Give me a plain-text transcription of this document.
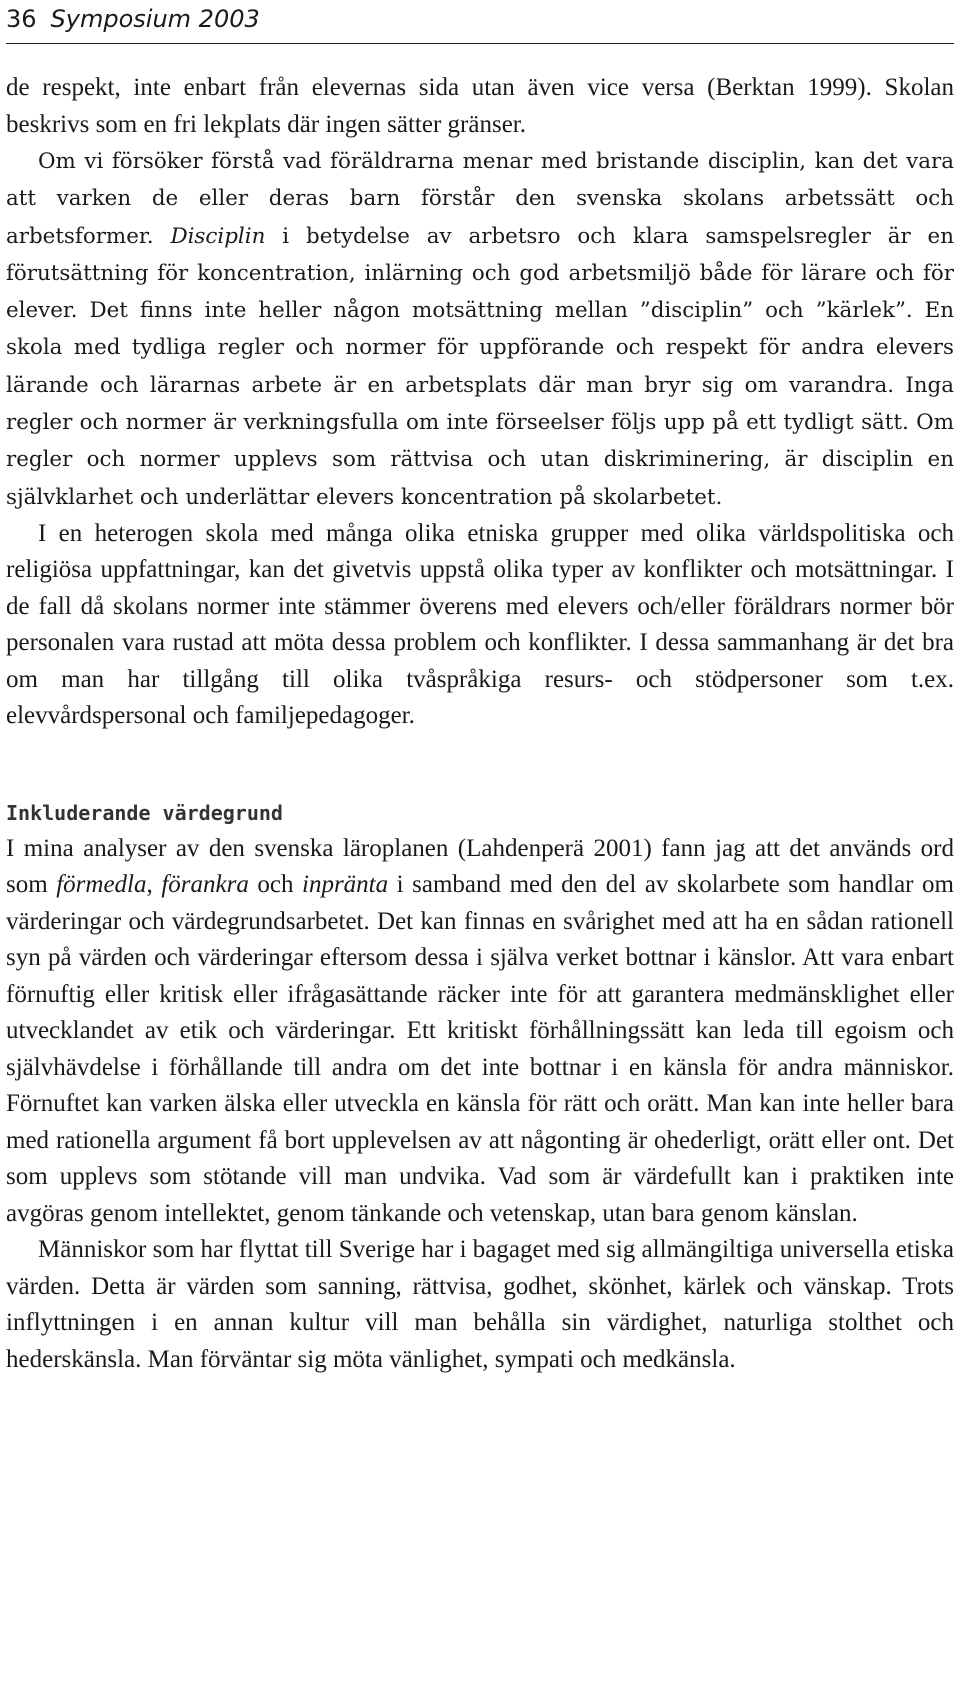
36 Symposium 2003

de respekt, inte enbart från elevernas sida utan även vice versa (Berktan 1999). Skolan beskrivs som en fri lekplats där ingen sätter gränser.

Om vi försöker förstå vad föräldrarna menar med bristande disciplin, kan det vara att varken de eller deras barn förstår den svenska skolans arbetssätt och arbetsformer. Disciplin i betydelse av arbetsro och klara samspelsregler är en förutsättning för koncentration, inlärning och god arbetsmiljö både för lärare och för elever. Det finns inte heller någon motsättning mellan ”disciplin” och ”kärlek”. En skola med tydliga regler och normer för uppförande och respekt för andra elevers lärande och lärarnas arbete är en arbetsplats där man bryr sig om varandra. Inga regler och normer är verkningsfulla om inte förseelser följs upp på ett tydligt sätt. Om regler och normer upplevs som rättvisa och utan diskriminering, är disciplin en självklarhet och underlättar elevers koncentration på skolarbetet.

I en heterogen skola med många olika etniska grupper med olika världspolitiska och religiösa uppfattningar, kan det givetvis uppstå olika typer av konflikter och motsättningar. I de fall då skolans normer inte stämmer överens med elevers och/eller föräldrars normer bör personalen vara rustad att möta dessa problem och konflikter. I dessa sammanhang är det bra om man har tillgång till olika tvåspråkiga resurs- och stödpersoner som t.ex. elevvårdspersonal och familjepedagoger.

Inkluderande värdegrund

I mina analyser av den svenska läroplanen (Lahdenperä 2001) fann jag att det används ord som förmedla, förankra och inpränta i samband med den del av skolarbete som handlar om värderingar och värdegrundsarbetet. Det kan finnas en svårighet med att ha en sådan rationell syn på värden och värderingar eftersom dessa i själva verket bottnar i känslor. Att vara enbart förnuftig eller kritisk eller ifrågasättande räcker inte för att garantera medmänsklighet eller utvecklandet av etik och värderingar. Ett kritiskt förhållningssätt kan leda till egoism och självhävdelse i förhållande till andra om det inte bottnar i en känsla för andra människor. Förnuftet kan varken älska eller utveckla en känsla för rätt och orätt. Man kan inte heller bara med rationella argument få bort upplevelsen av att någonting är ohederligt, orätt eller ont. Det som upplevs som stötande vill man undvika. Vad som är värdefullt kan i praktiken inte avgöras genom intellektet, genom tänkande och vetenskap, utan bara genom känslan.

Människor som har flyttat till Sverige har i bagaget med sig allmängiltiga universella etiska värden. Detta är värden som sanning, rättvisa, godhet, skönhet, kärlek och vänskap. Trots inflyttningen i en annan kultur vill man behålla sin värdighet, naturliga stolthet och hederskänsla. Man förväntar sig möta vänlighet, sympati och medkänsla.
